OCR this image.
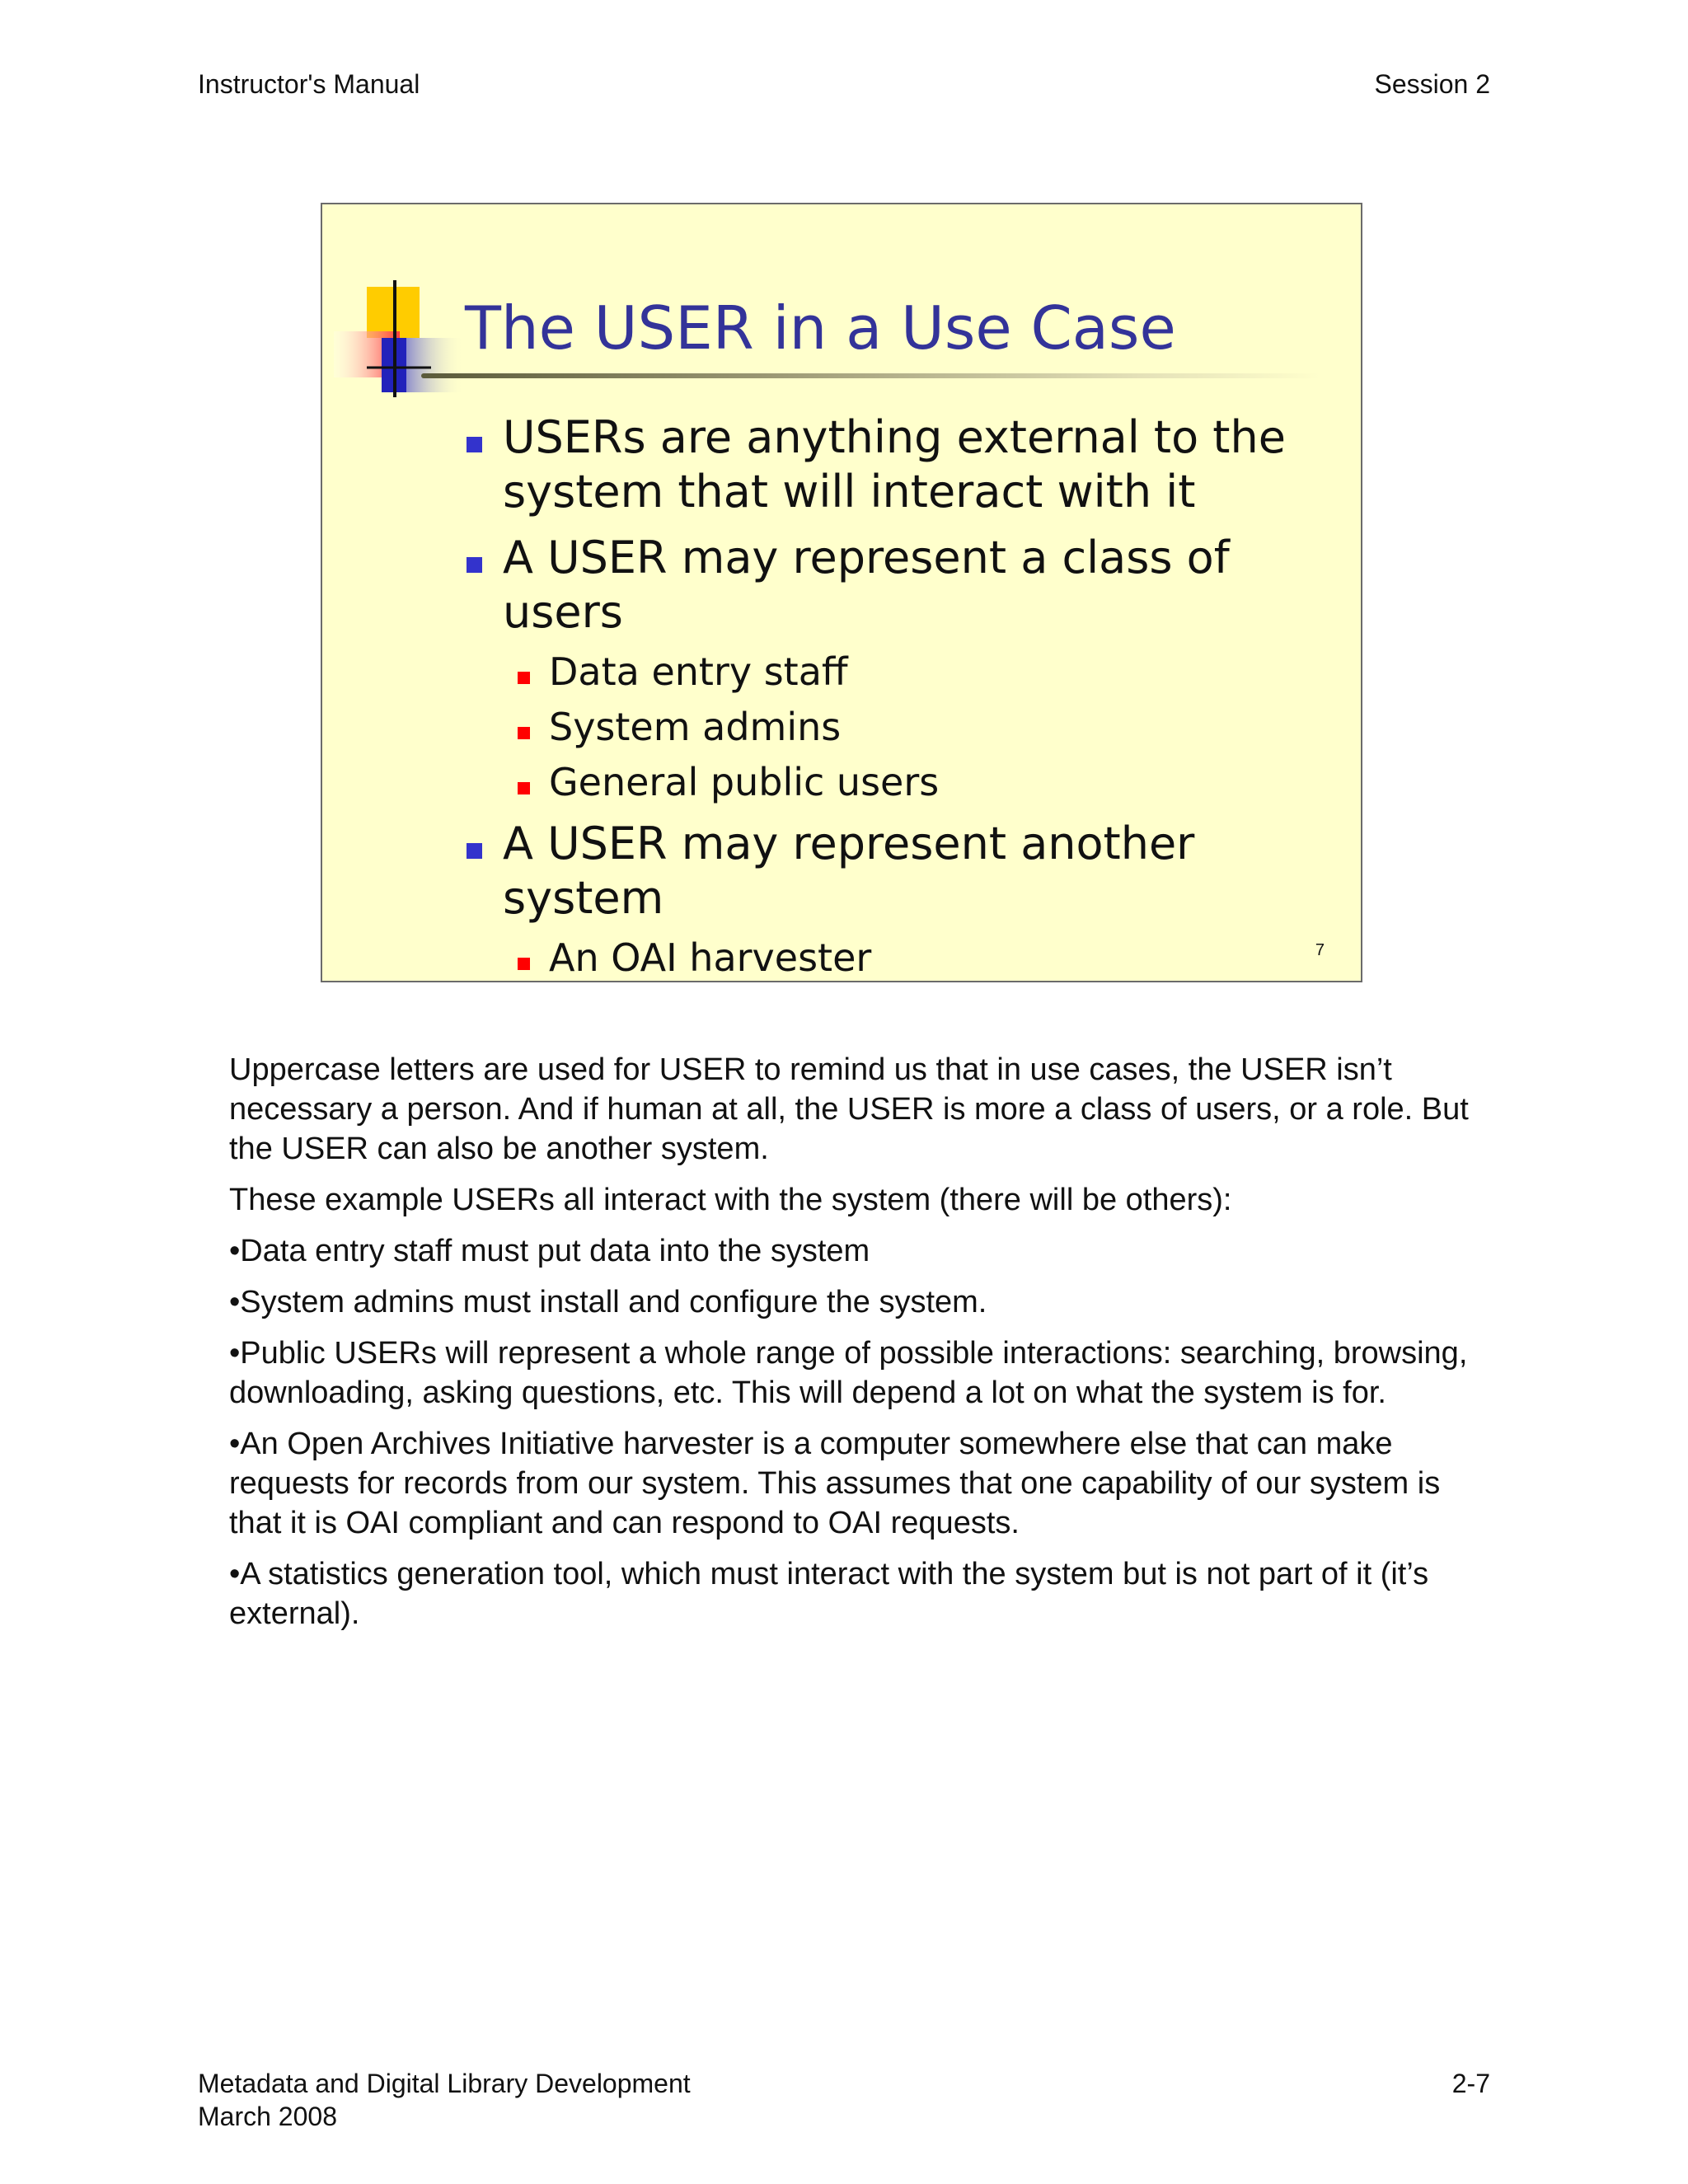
Instructor's Manual	Session 2
The USER in a Use Case
USERs are anything external to the system that will interact with it
A USER may represent a class of users
Data entry staff
System admins
General public users
A USER may represent another system
An OAI harvester	7

Uppercase letters are used for USER to remind us that in use cases, the USER isn’t necessary a person. And if human at all, the USER is more a class of users, or a role. But the USER can also be another system.

These example USERs all interact with the system (there will be others):

•Data entry staff must put data into the system

•System admins must install and configure the system.

•Public USERs will represent a whole range of possible interactions: searching, browsing, downloading, asking questions, etc. This will depend a lot on what the system is for.

•An Open Archives Initiative harvester is a computer somewhere else that can make requests for records from our system. This assumes that one capability of our system is that it is OAI compliant and can respond to OAI requests.

•A statistics generation tool, which must interact with the system but is not part of it (it’s external).

Metadata and Digital Library Development
March 2008
2-7
